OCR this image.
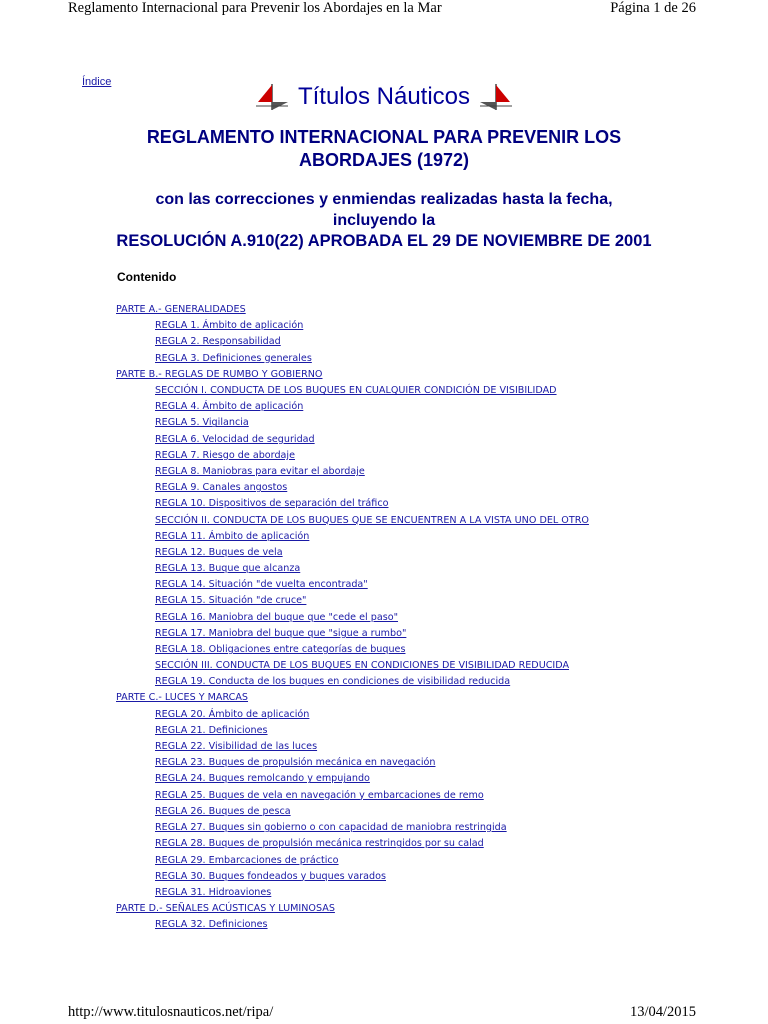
Reglamento Internacional para Prevenir los Abordajes en la Mar	Página 1 de 26
Índice
Títulos Náuticos
REGLAMENTO INTERNACIONAL PARA PREVENIR LOS ABORDAJES (1972)
con las correcciones y enmiendas realizadas hasta la fecha,
incluyendo la
RESOLUCIÓN A.910(22) APROBADA EL 29 DE NOVIEMBRE DE 2001
Contenido
PARTE A.- GENERALIDADES
REGLA 1. Ámbito de aplicación
REGLA 2. Responsabilidad
REGLA 3. Definiciones generales
PARTE B.- REGLAS DE RUMBO Y GOBIERNO
SECCIÓN I. CONDUCTA DE LOS BUQUES EN CUALQUIER CONDICIÓN DE VISIBILIDAD
REGLA 4. Ámbito de aplicación
REGLA 5. Vigilancia
REGLA 6. Velocidad de seguridad
REGLA 7. Riesgo de abordaje
REGLA 8. Maniobras para evitar el abordaje
REGLA 9. Canales angostos
REGLA 10. Dispositivos de separación del tráfico
SECCIÓN II. CONDUCTA DE LOS BUQUES QUE SE ENCUENTREN A LA VISTA UNO DEL OTRO
REGLA 11. Ámbito de aplicación
REGLA 12. Buques de vela
REGLA 13. Buque que alcanza
REGLA 14. Situación "de vuelta encontrada"
REGLA 15. Situación "de cruce"
REGLA 16. Maniobra del buque que "cede el paso"
REGLA 17. Maniobra del buque que "sigue a rumbo"
REGLA 18. Obligaciones entre categorías de buques
SECCIÓN III. CONDUCTA DE LOS BUQUES EN CONDICIONES DE VISIBILIDAD REDUCIDA
REGLA 19. Conducta de los buques en condiciones de visibilidad reducida
PARTE C.- LUCES Y MARCAS
REGLA 20. Ámbito de aplicación
REGLA 21. Definiciones
REGLA 22. Visibilidad de las luces
REGLA 23. Buques de propulsión mecánica en navegación
REGLA 24. Buques remolcando y empujando
REGLA 25. Buques de vela en navegación y embarcaciones de remo
REGLA 26. Buques de pesca
REGLA 27. Buques sin gobierno o con capacidad de maniobra restringida
REGLA 28. Buques de propulsión mecánica restringidos por su calad
REGLA 29. Embarcaciones de práctico
REGLA 30. Buques fondeados y buques varados
REGLA 31. Hidroaviones
PARTE D.- SEÑALES ACÚSTICAS Y LUMINOSAS
REGLA 32. Definiciones
http://www.titulosnauticos.net/ripa/	13/04/2015
